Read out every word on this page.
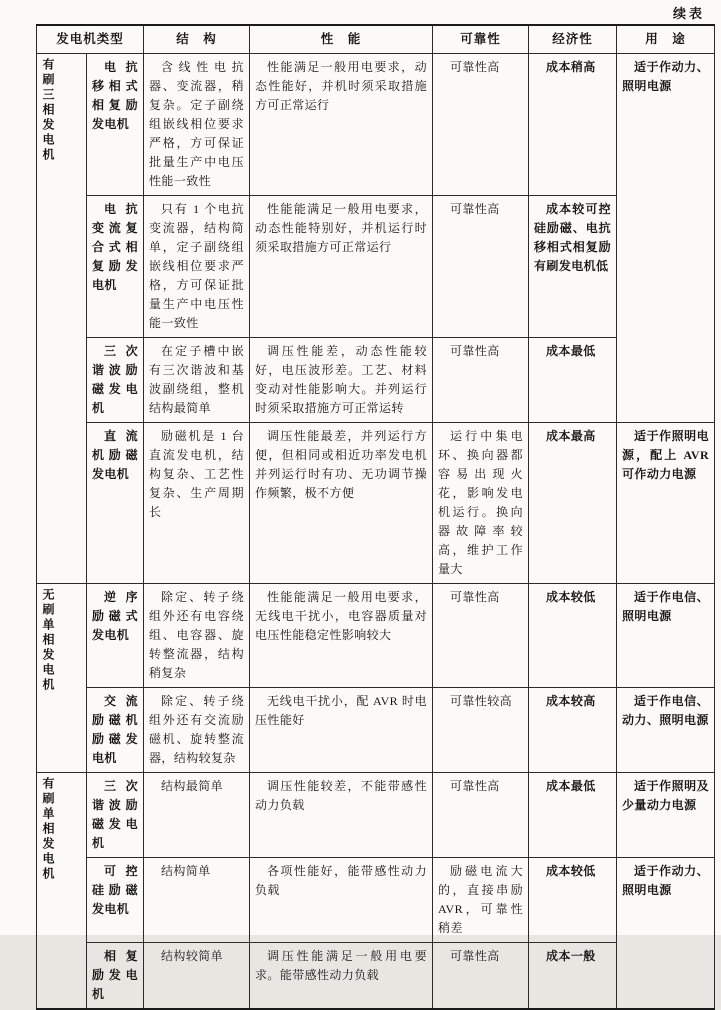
续表
发电机类型		结　构	性　能	可靠性	经济性	用　途
有刷三相发电机	电抗移相式相复励发电机	含线性电抗器、变流器，稍复杂。定子副绕组嵌线相位要求严格，方可保证批量生产中电压性能一致性	性能满足一般用电要求，动态性能好，并机时须采取措施方可正常运行	可靠性高	成本稍高	适于作动力、照明电源
	电抗变流复合式相复励发电机	只有 1 个电抗变流器，结构简单，定子副绕组嵌线相位要求严格，方可保证批量生产中电压性能一致性	性能能满足一般用电要求，动态性能特别好，并机运行时须采取措施方可正常运行	可靠性高	成本较可控硅励磁、电抗移相式相复励有刷发电机低	
	三次谐波励磁发电机	在定子槽中嵌有三次谐波和基波副绕组，整机结构最简单	调压性能差，动态性能较好，电压波形差。工艺、材料变动对性能影响大。并列运行时须采取措施方可正常运转	可靠性高	成本最低	
	直流机励磁发电机	励磁机是 1 台直流发电机，结构复杂、工艺性复杂、生产周期长	调压性能最差，并列运行方便，但相同或相近功率发电机并列运行时有功、无功调节操作频繁，极不方便	运行中集电环、换向器都容易出现火花，影响发电机运行。换向器故障率较高，维护工作量大	成本最高	适于作照明电源，配上 AVR 可作动力电源
无刷单相发电机	逆序励磁式发电机	除定、转子绕组外还有电容绕组、电容器、旋转整流器，结构稍复杂	性能能满足一般用电要求，无线电干扰小，电容器质量对电压性能稳定性影响较大	可靠性高	成本较低	适于作电信、照明电源
	交流励磁机励磁发电机	除定、转子绕组外还有交流励磁机、旋转整流器，结构较复杂	无线电干扰小，配 AVR 时电压性能好	可靠性较高	成本较高	适于作电信、动力、照明电源
有刷单相发电机	三次谐波励磁发电机	结构最简单	调压性能较差，不能带感性动力负载	可靠性高	成本最低	适于作照明及少量动力电源
	可控硅励磁发电机	结构简单	各项性能好，能带感性动力负载	励磁电流大的，直接串励 AVR，可靠性稍差	成本较低	适于作动力、照明电源
	相复励发电机	结构较简单	调压性能满足一般用电要求。能带感性动力负载	可靠性高	成本一般	
